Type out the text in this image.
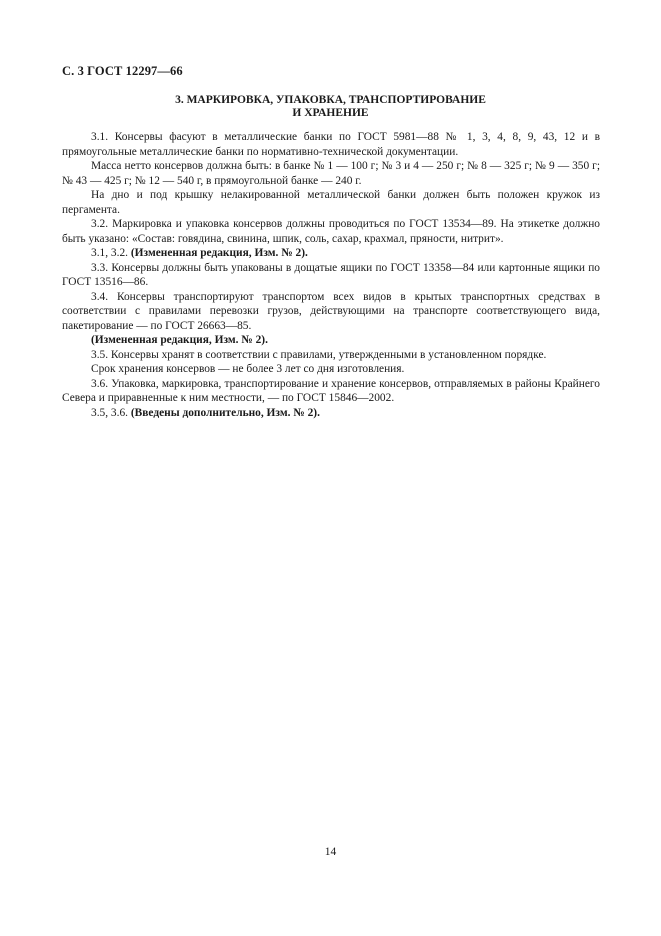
С. 3 ГОСТ 12297—66
3. МАРКИРОВКА, УПАКОВКА, ТРАНСПОРТИРОВАНИЕ
И ХРАНЕНИЕ

3.1. Консервы фасуют в металлические банки по ГОСТ 5981—88 № 1, 3, 4, 8, 9, 43, 12 и в прямоугольные металлические банки по нормативно-технической документации.

Масса нетто консервов должна быть: в банке № 1 — 100 г; № 3 и 4 — 250 г; № 8 — 325 г; № 9 — 350 г; № 43 — 425 г; № 12 — 540 г, в прямоугольной банке — 240 г.

На дно и под крышку нелакированной металлической банки должен быть положен кружок из пергамента.

3.2. Маркировка и упаковка консервов должны проводиться по ГОСТ 13534—89. На этикетке должно быть указано: «Состав: говядина, свинина, шпик, соль, сахар, крахмал, пряности, нитрит».

3.1, 3.2. (Измененная редакция, Изм. № 2).

3.3. Консервы должны быть упакованы в дощатые ящики по ГОСТ 13358—84 или картонные ящики по ГОСТ 13516—86.

3.4. Консервы транспортируют транспортом всех видов в крытых транспортных средствах в соответствии с правилами перевозки грузов, действующими на транспорте соответствующего вида, пакетирование — по ГОСТ 26663—85.

(Измененная редакция, Изм. № 2).

3.5. Консервы хранят в соответствии с правилами, утвержденными в установленном порядке.

Срок хранения консервов — не более 3 лет со дня изготовления.

3.6. Упаковка, маркировка, транспортирование и хранение консервов, отправляемых в районы Крайнего Севера и приравненные к ним местности, — по ГОСТ 15846—2002.

3.5, 3.6. (Введены дополнительно, Изм. № 2).

14
